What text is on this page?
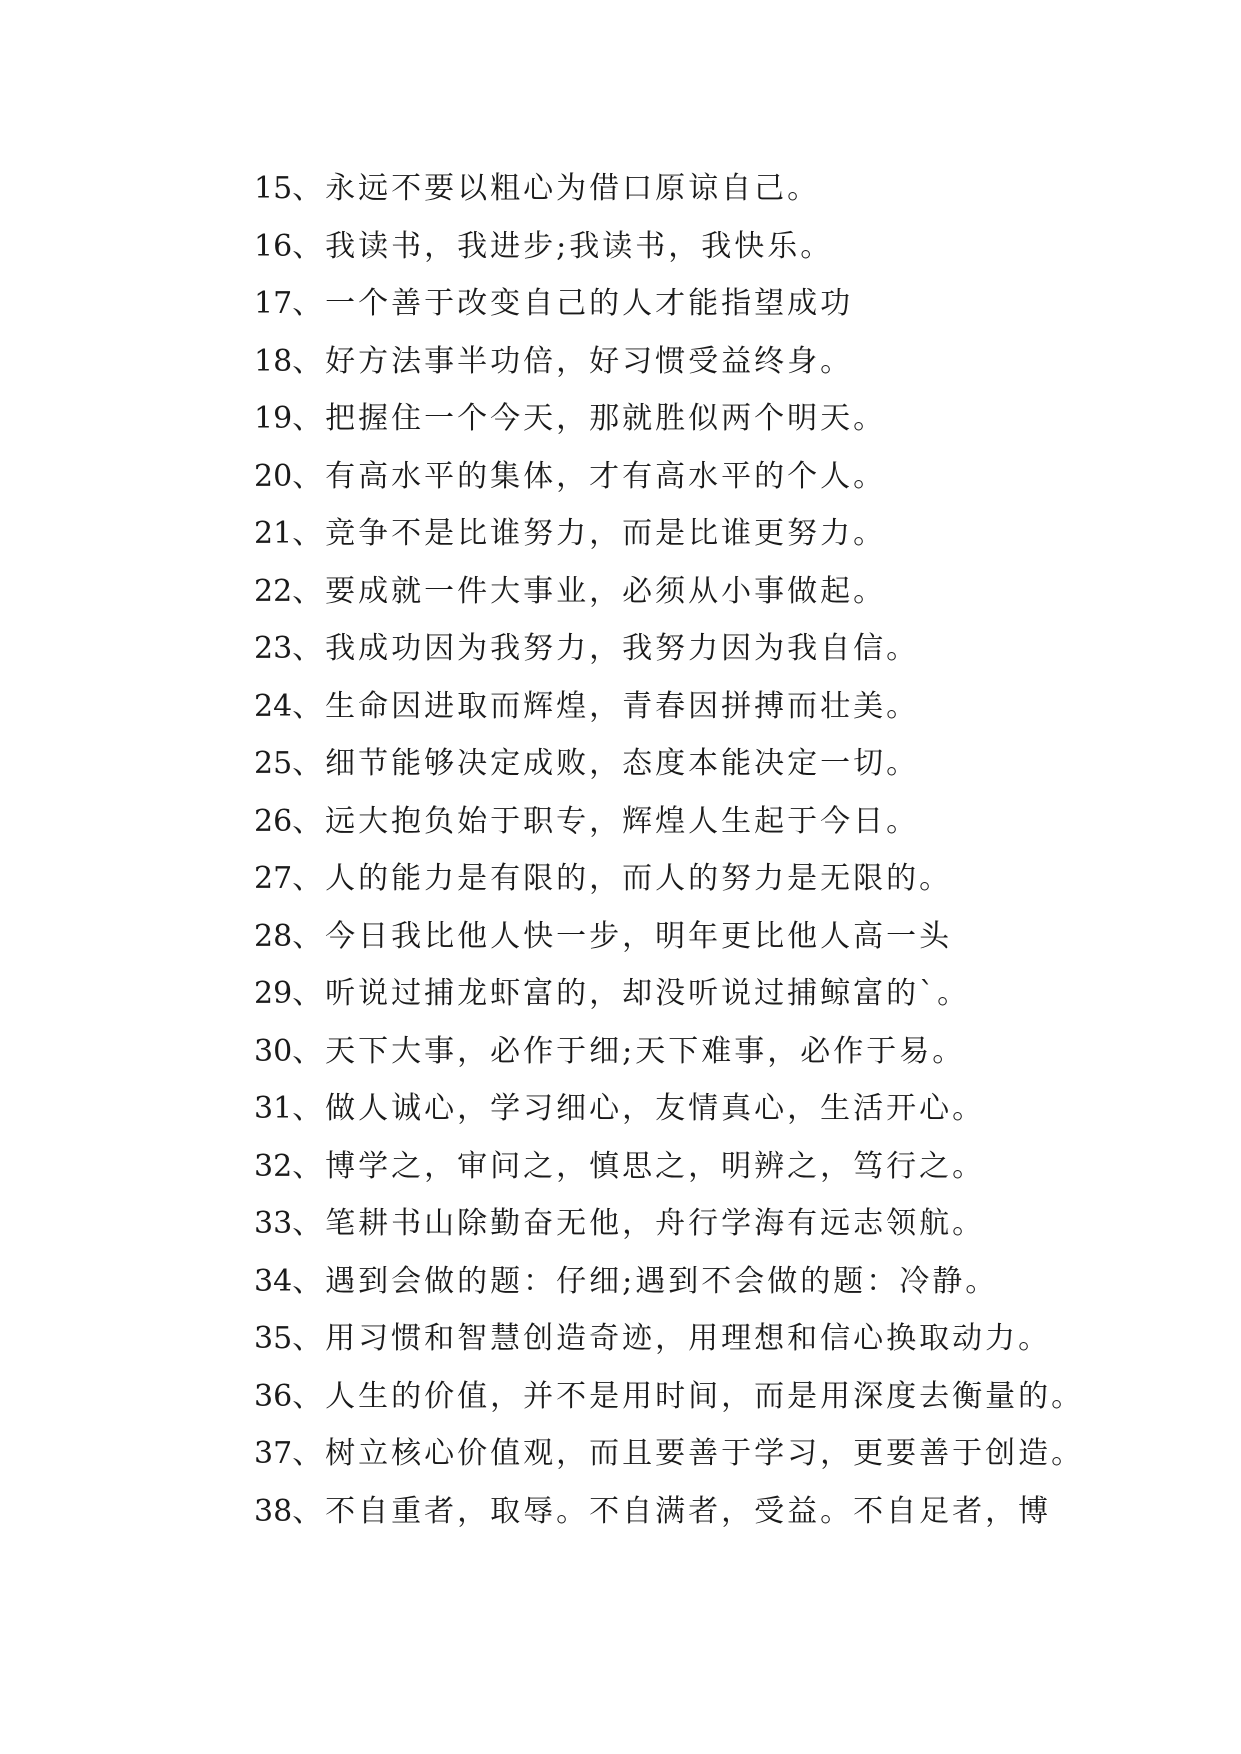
15、永远不要以粗心为借口原谅自己。
16、我读书，我进步;我读书，我快乐。
17、一个善于改变自己的人才能指望成功
18、好方法事半功倍，好习惯受益终身。
19、把握住一个今天，那就胜似两个明天。
20、有高水平的集体，才有高水平的个人。
21、竞争不是比谁努力，而是比谁更努力。
22、要成就一件大事业，必须从小事做起。
23、我成功因为我努力，我努力因为我自信。
24、生命因进取而辉煌，青春因拼搏而壮美。
25、细节能够决定成败，态度本能决定一切。
26、远大抱负始于职专，辉煌人生起于今日。
27、人的能力是有限的，而人的努力是无限的。
28、今日我比他人快一步，明年更比他人高一头
29、听说过捕龙虾富的，却没听说过捕鲸富的`。
30、天下大事，必作于细;天下难事，必作于易。
31、做人诚心，学习细心，友情真心，生活开心。
32、博学之，审问之，慎思之，明辨之，笃行之。
33、笔耕书山除勤奋无他，舟行学海有远志领航。
34、遇到会做的题：仔细;遇到不会做的题：冷静。
35、用习惯和智慧创造奇迹，用理想和信心换取动力。
36、人生的价值，并不是用时间，而是用深度去衡量的。
37、树立核心价值观，而且要善于学习，更要善于创造。
38、不自重者，取辱。不自满者，受益。不自足者，博
